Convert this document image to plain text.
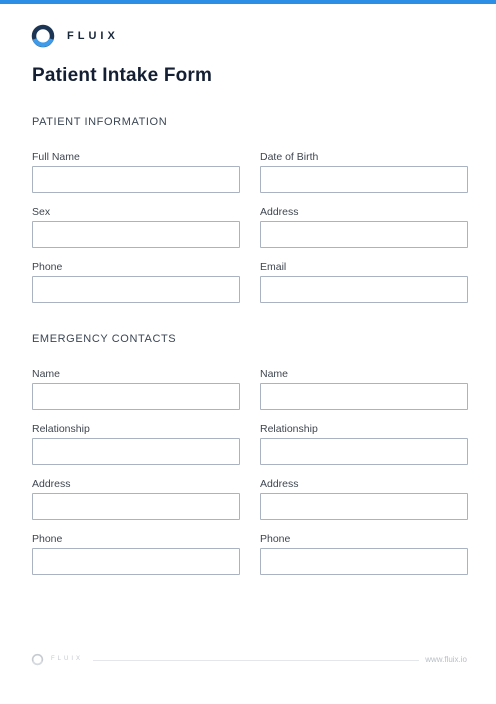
FLUIX
Patient Intake Form
PATIENT INFORMATION
Full Name	Date of Birth
Sex	Address
Phone	Email
EMERGENCY CONTACTS
Name	Name
Relationship	Relationship
Address	Address
Phone	Phone
FLUIX	www.fluix.io
